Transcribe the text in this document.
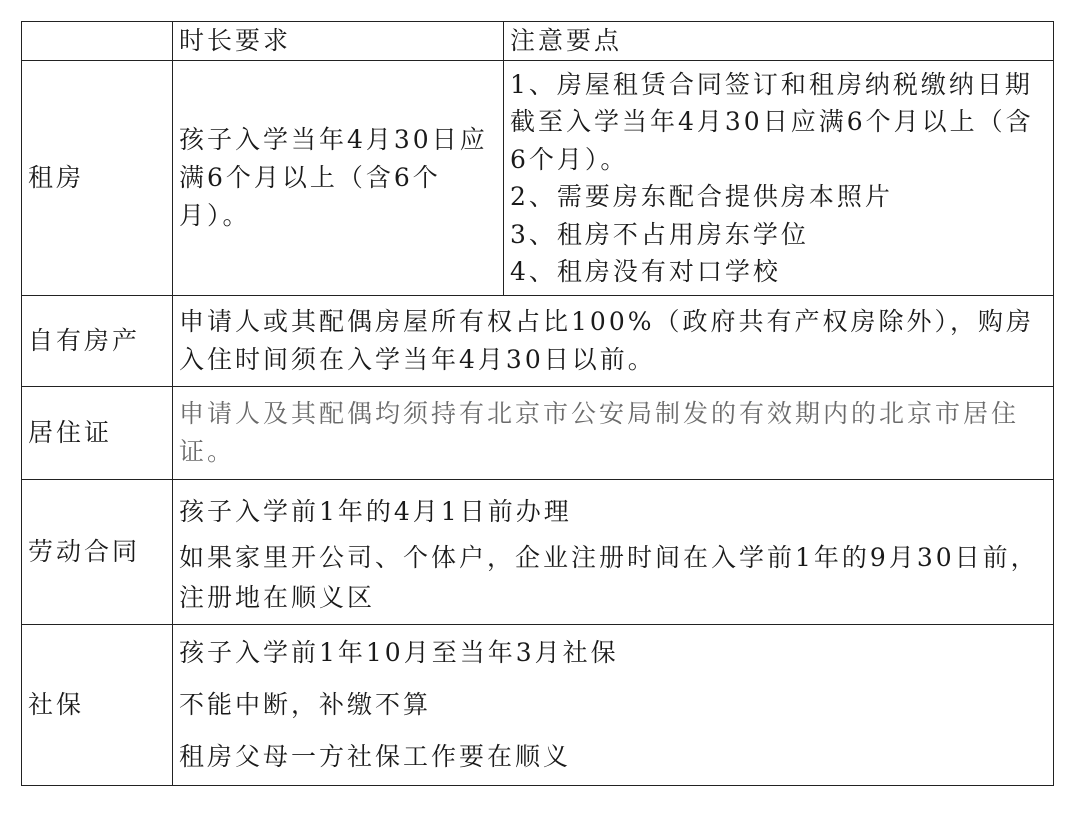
	时长要求	注意要点
租房	孩子入学当年4月30日应满6个月以上（含6个月）。	1、房屋租赁合同签订和租房纳税缴纳日期截至入学当年4月30日应满6个月以上（含6个月）。
2、需要房东配合提供房本照片
3、租房不占用房东学位
4、租房没有对口学校

自有房产	申请人或其配偶房屋所有权占比100%（政府共有产权房除外），购房入住时间须在入学当年4月30日以前。	
居住证	申请人及其配偶均须持有北京市公安局制发的有效期内的北京市居住证。	
劳动合同	孩子入学前1年的4月1日前办理
如果家里开公司、个体户，企业注册时间在入学前1年的9月30日前，注册地在顺义区	

社保	孩子入学前1年10月至当年3月社保
不能中断，补缴不算
租房父母一方社保工作要在顺义	
